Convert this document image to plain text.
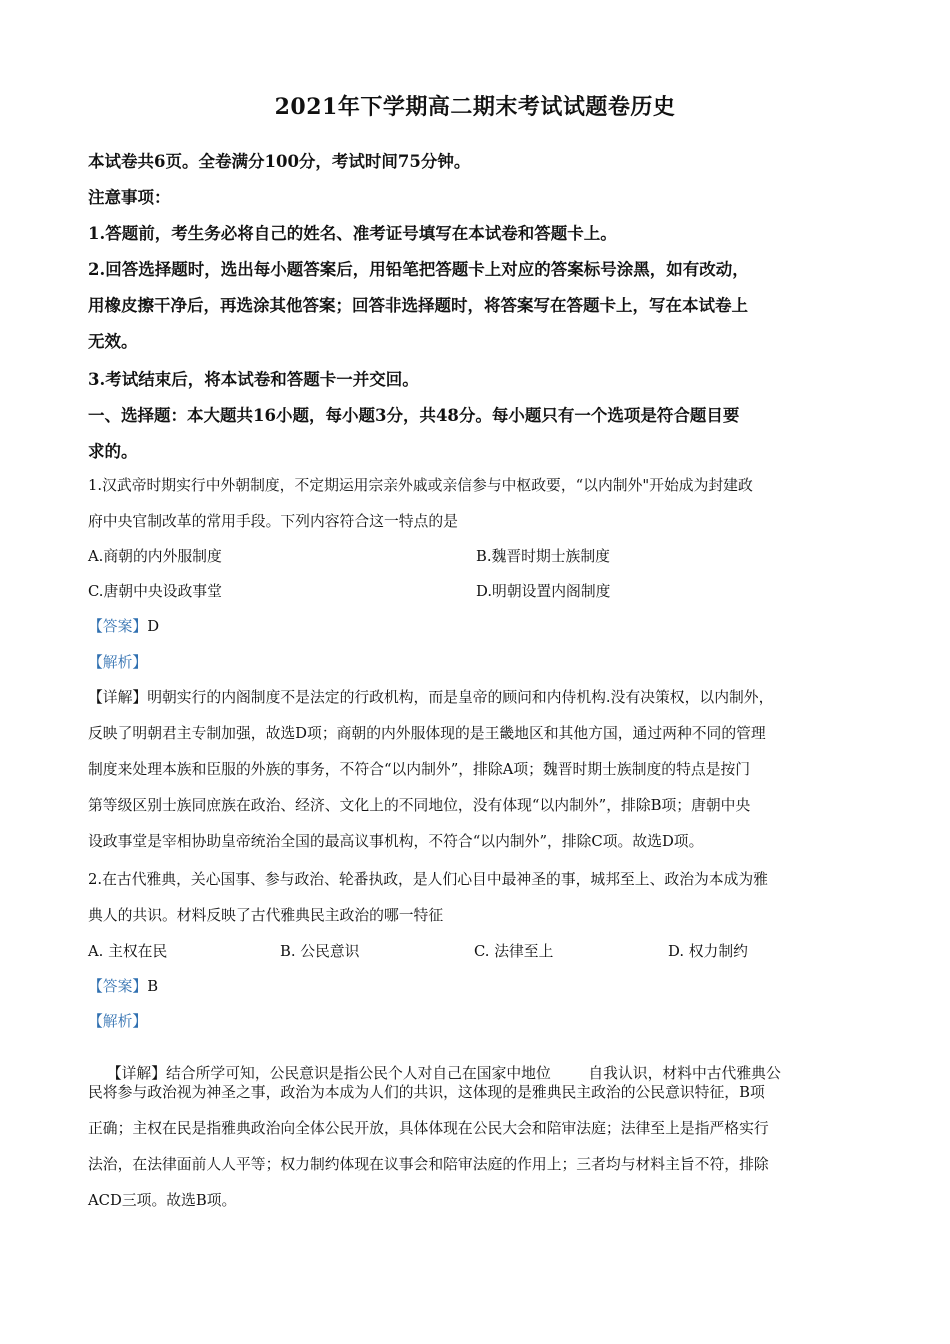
2021年下学期高二期末考试试题卷历史
本试卷共6页。全卷满分100分，考试时间75分钟。
注意事项：
1.答题前，考生务必将自己的姓名、准考证号填写在本试卷和答题卡上。
2.回答选择题时，选出每小题答案后，用铅笔把答题卡上对应的答案标号涂黑，如有改动，
用橡皮擦干净后，再选涂其他答案；回答非选择题时，将答案写在答题卡上，写在本试卷上
无效。
3.考试结束后，将本试卷和答题卡一并交回。
一、选择题：本大题共16小题，每小题3分，共48分。每小题只有一个选项是符合题目要
求的。
1.汉武帝时期实行中外朝制度，不定期运用宗亲外戚或亲信参与中枢政要，“以内制外"开始成为封建政
府中央官制改革的常用手段。下列内容符合这一特点的是
A.商朝的内外服制度	B.魏晋时期士族制度
C.唐朝中央设政事堂	D.明朝设置内阁制度
【答案】D
【解析】
【详解】明朝实行的内阁制度不是法定的行政机构，而是皇帝的顾问和内侍机构.没有决策权，以内制外，
反映了明朝君主专制加强，故选D项；商朝的内外服体现的是王畿地区和其他方国，通过两种不同的管理
制度来处理本族和臣服的外族的事务，不符合“以内制外”，排除A项；魏晋时期士族制度的特点是按门
第等级区别士族同庶族在政治、经济、文化上的不同地位，没有体现“以内制外”，排除B项；唐朝中央
设政事堂是宰相协助皇帝统治全国的最高议事机构，不符合“以内制外”，排除C项。故选D项。
2.在古代雅典，关心国事、参与政治、轮番执政，是人们心目中最神圣的事，城邦至上、政治为本成为雅
典人的共识。材料反映了古代雅典民主政治的哪一特征
A. 主权在民	B. 公民意识	C. 法律至上	D. 权力制约
【答案】B
【解析】

【详解】结合所学可知，公民意识是指公民个人对自己在国家中地位        自我认识，材料中古代雅典公

民将参与政治视为神圣之事，政治为本成为人们的共识，这体现的是雅典民主政治的公民意识特征，B项
正确；主权在民是指雅典政治向全体公民开放，具体体现在公民大会和陪审法庭；法律至上是指严格实行
法治，在法律面前人人平等；权力制约体现在议事会和陪审法庭的作用上；三者均与材料主旨不符，排除
ACD三项。故选B项。
